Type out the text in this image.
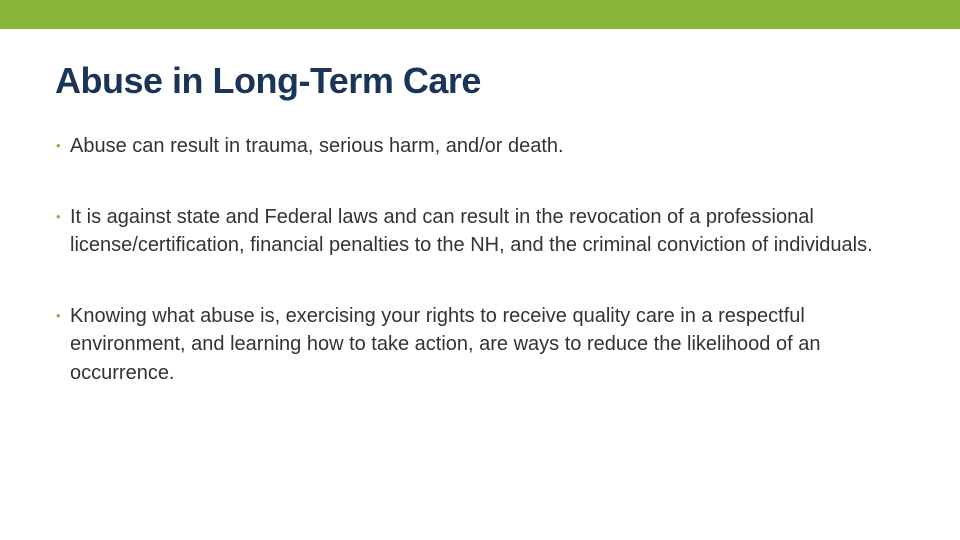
Abuse in Long-Term Care
• Abuse can result in trauma, serious harm, and/or death.
• It is against state and Federal laws and can result in the revocation of a professional license/certification, financial penalties to the NH, and the criminal conviction of individuals.
• Knowing what abuse is, exercising your rights to receive quality care in a respectful environment, and learning how to take action, are ways to reduce the likelihood of an occurrence.
